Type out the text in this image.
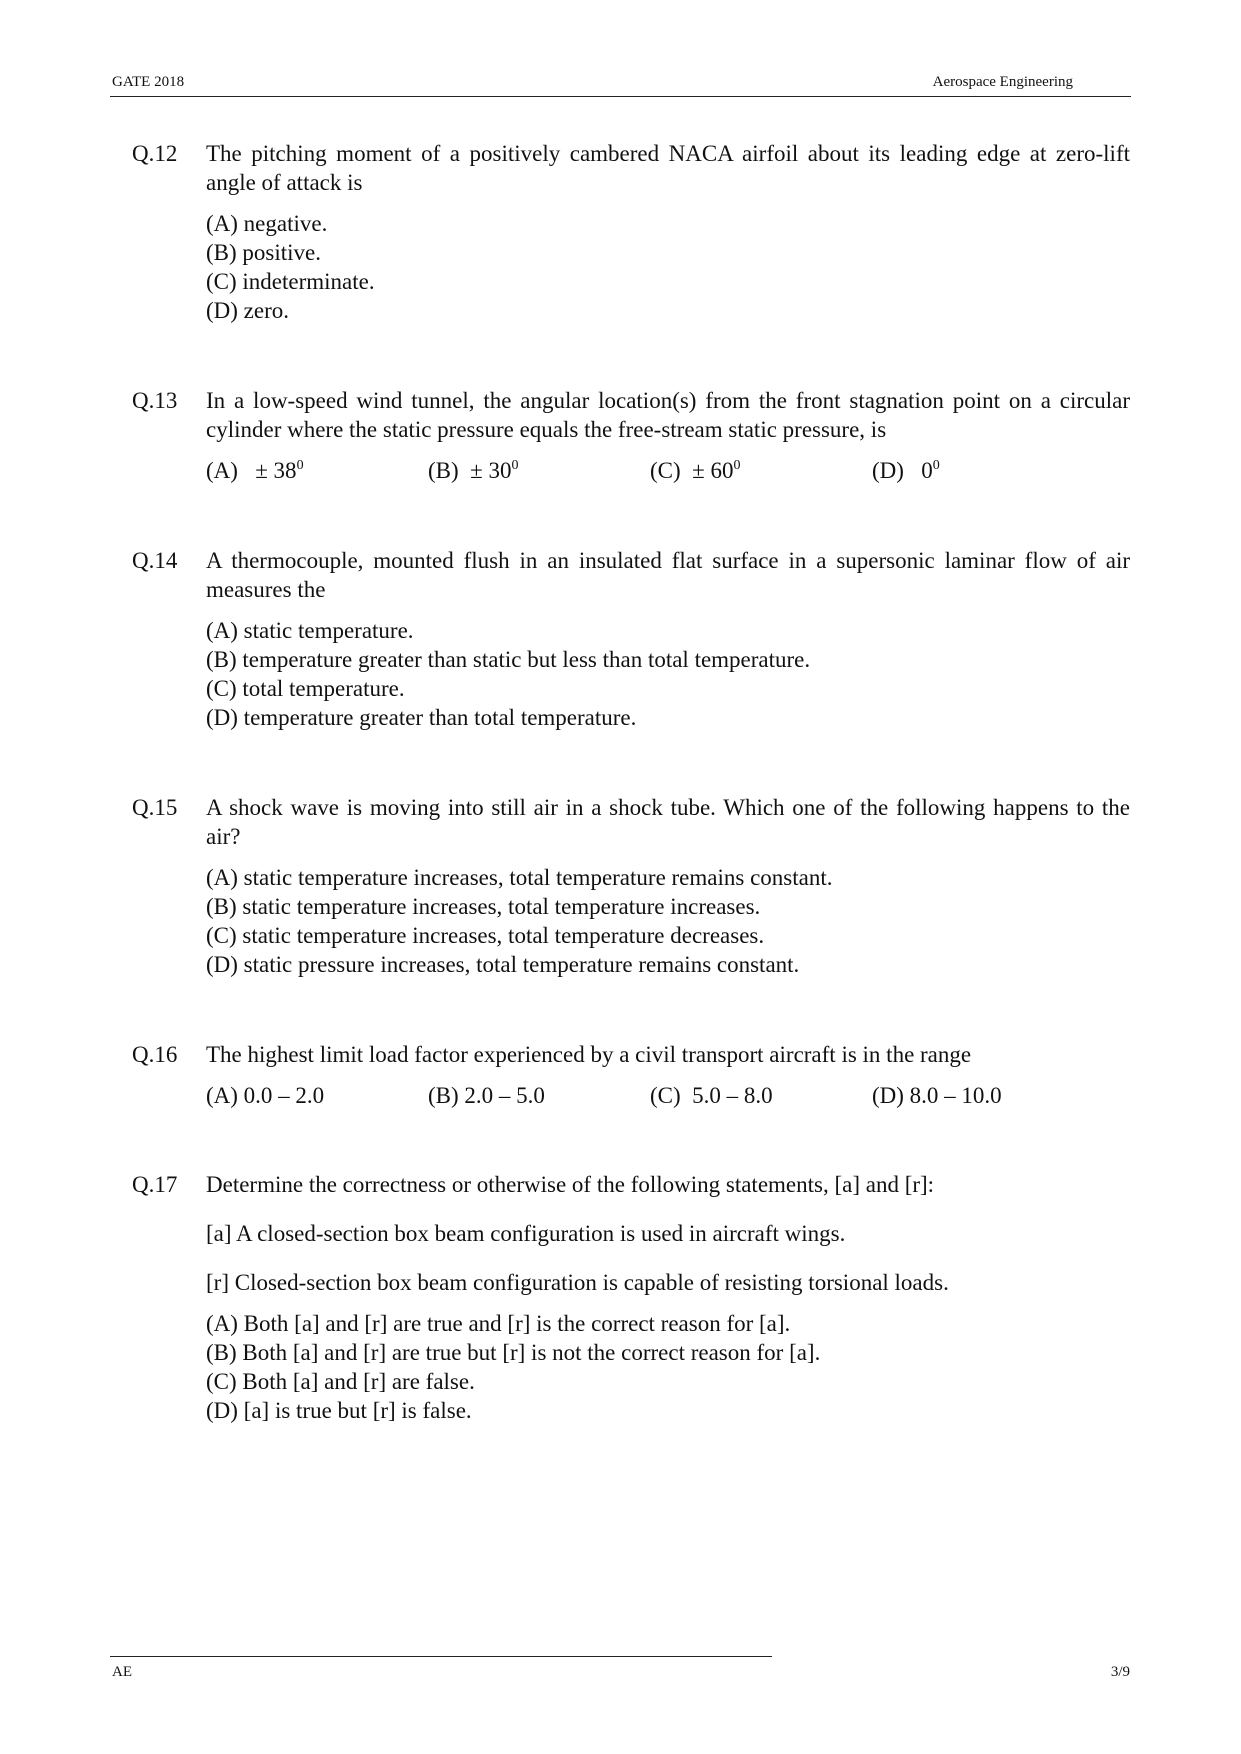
GATE 2018	Aerospace Engineering
Q.12 The pitching moment of a positively cambered NACA airfoil about its leading edge at zero-lift angle of attack is
(A) negative.
(B) positive.
(C) indeterminate.
(D) zero.
Q.13 In a low-speed wind tunnel, the angular location(s) from the front stagnation point on a circular cylinder where the static pressure equals the free-stream static pressure, is
$(A) \pm 38^0$	$(B) \pm 30^0$	$(C) \pm 60^0$	(D) $0^0$
Q.14 A thermocouple, mounted flush in an insulated flat surface in a supersonic laminar flow of air measures the
(A) static temperature.
(B) temperature greater than static but less than total temperature.
(C) total temperature.
(D) temperature greater than total temperature.
Q.15 A shock wave is moving into still air in a shock tube. Which one of the following happens to the air?
(A) static temperature increases, total temperature remains constant.
(B) static temperature increases, total temperature increases.
(C) static temperature increases, total temperature decreases.
(D) static pressure increases, total temperature remains constant.
Q.16 The highest limit load factor experienced by a civil transport aircraft is in the range
(A) 0.0 – 2.0	(B) 2.0 – 5.0	(C)  5.0 – 8.0	(D) 8.0 – 10.0
Q.17 Determine the correctness or otherwise of the following statements, [a] and [r]:
[a] A closed-section box beam configuration is used in aircraft wings.
[r] Closed-section box beam configuration is capable of resisting torsional loads.
(A) Both [a] and [r] are true and [r] is the correct reason for [a].
(B) Both [a] and [r] are true but [r] is not the correct reason for [a].
(C) Both [a] and [r] are false.
(D) [a] is true but [r] is false.
AE	3/9
